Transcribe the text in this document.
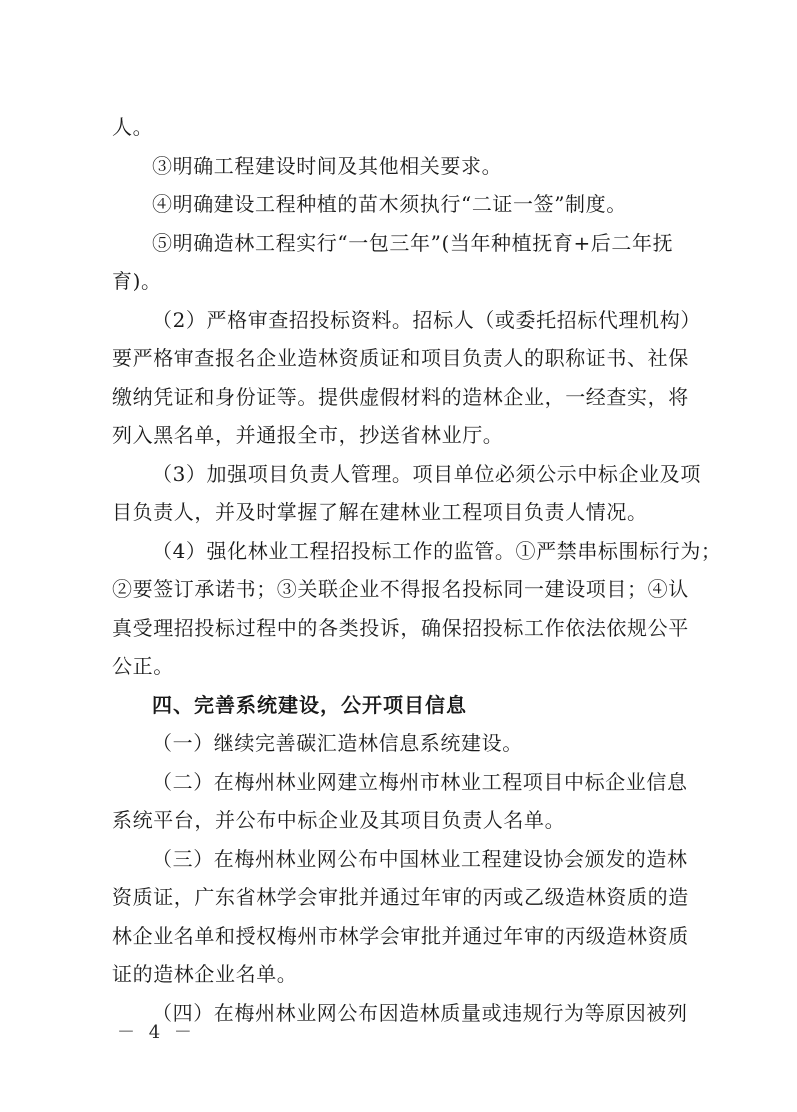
人。
③明确工程建设时间及其他相关要求。
④明确建设工程种植的苗木须执行“二证一签”制度。
⑤明确造林工程实行“一包三年”(当年种植抚育+后二年抚
育)。
（2）严格审查招投标资料。招标人（或委托招标代理机构）
要严格审查报名企业造林资质证和项目负责人的职称证书、社保
缴纳凭证和身份证等。提供虚假材料的造林企业，一经查实，将
列入黑名单，并通报全市，抄送省林业厅。
（3）加强项目负责人管理。项目单位必须公示中标企业及项
目负责人，并及时掌握了解在建林业工程项目负责人情况。
（4）强化林业工程招投标工作的监管。①严禁串标围标行为；
②要签订承诺书；③关联企业不得报名投标同一建设项目；④认
真受理招投标过程中的各类投诉，确保招投标工作依法依规公平
公正。
四、完善系统建设，公开项目信息
（一）继续完善碳汇造林信息系统建设。
（二）在梅州林业网建立梅州市林业工程项目中标企业信息
系统平台，并公布中标企业及其项目负责人名单。
（三）在梅州林业网公布中国林业工程建设协会颁发的造林
资质证，广东省林学会审批并通过年审的丙或乙级造林资质的造
林企业名单和授权梅州市林学会审批并通过年审的丙级造林资质
证的造林企业名单。
（四）在梅州林业网公布因造林质量或违规行为等原因被列
－ 4 －
